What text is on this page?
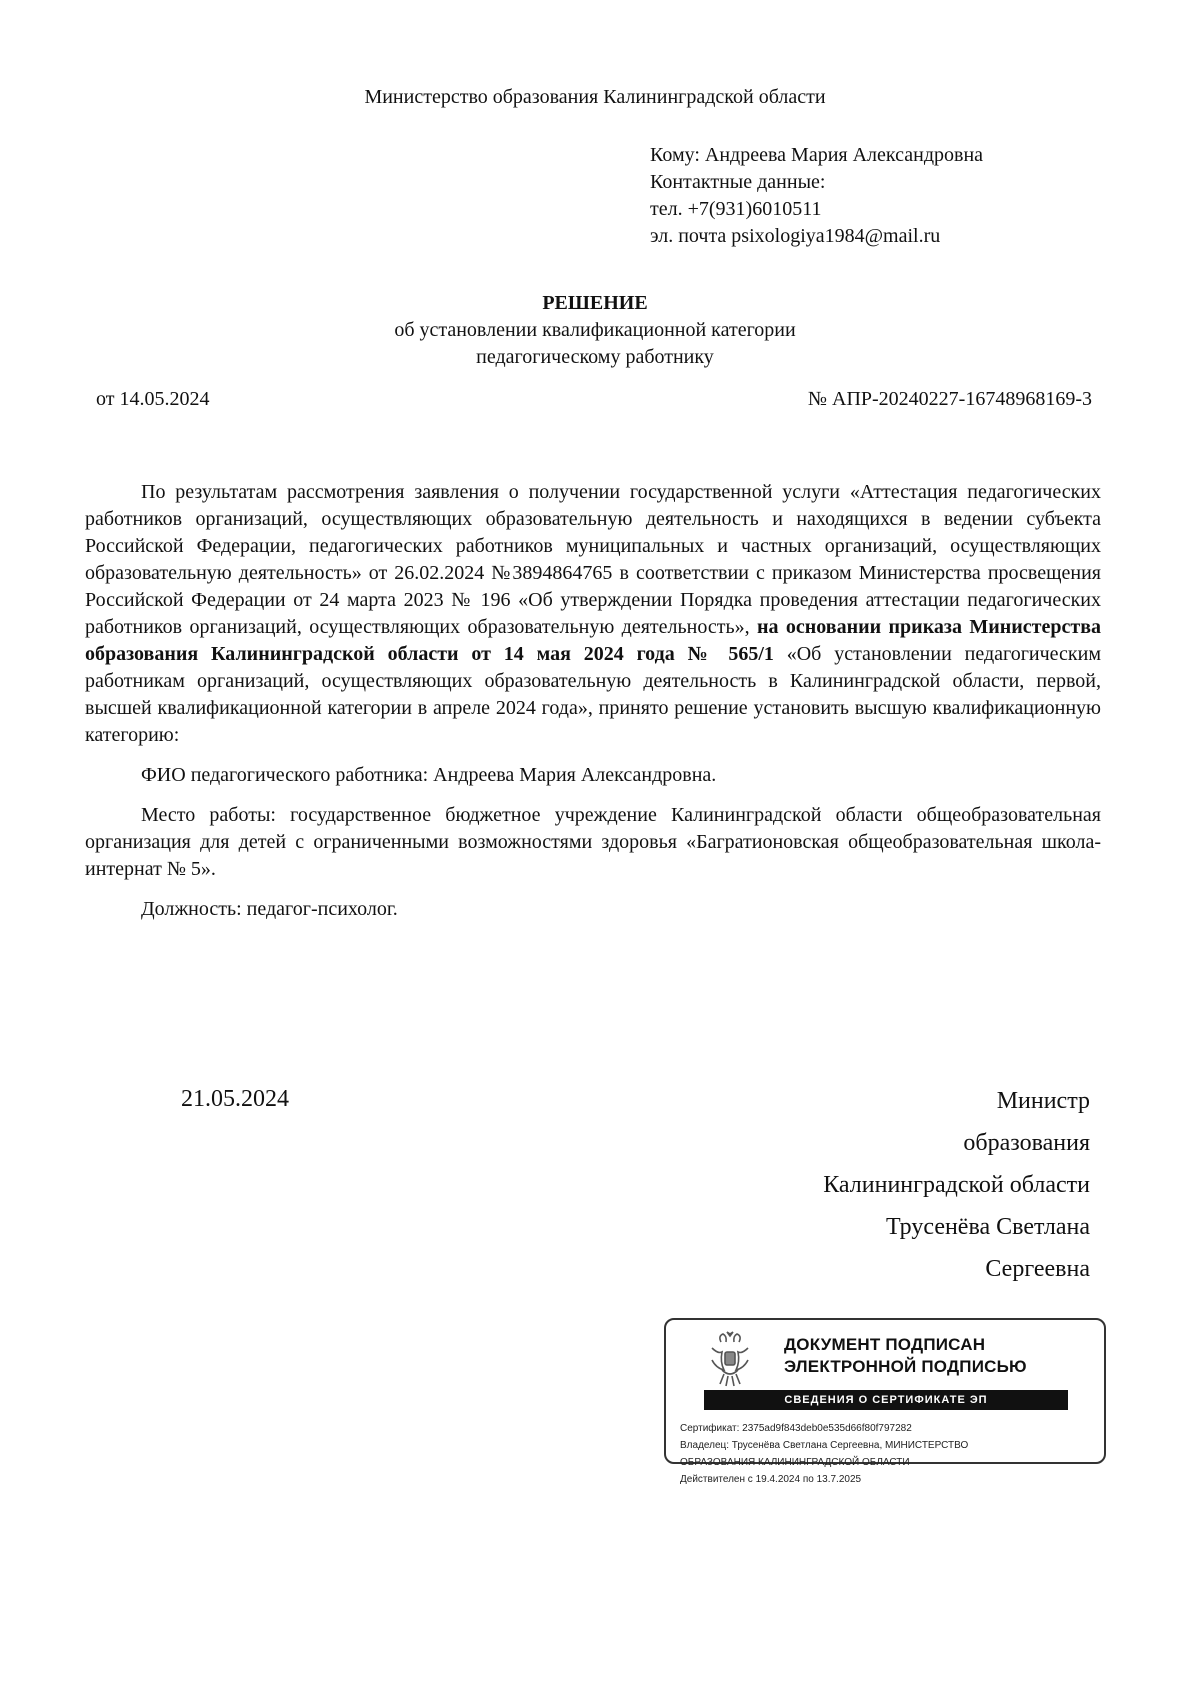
Министерство образования Калининградской области
Кому: Андреева Мария Александровна
Контактные данные:
тел. +7(931)6010511
эл. почта psixologiya1984@mail.ru
РЕШЕНИЕ
об установлении квалификационной категории
педагогическому работнику
от 14.05.2024	№ АПР-20240227-16748968169-3

По результатам рассмотрения заявления о получении государственной услуги «Аттестация педагогических работников организаций, осуществляющих образовательную деятельность и находящихся в ведении субъекта Российской Федерации, педагогических работников муниципальных и частных организаций, осуществляющих образовательную деятельность» от 26.02.2024 №3894864765 в соответствии с приказом Министерства просвещения Российской Федерации от 24 марта 2023 № 196 «Об утверждении Порядка проведения аттестации педагогических работников организаций, осуществляющих образовательную деятельность», на основании приказа Министерства образования Калининградской области от 14 мая 2024 года № 565/1 «Об установлении педагогическим работникам организаций, осуществляющих образовательную деятельность в Калининградской области, первой, высшей квалификационной категории в апреле 2024 года», принято решение установить высшую квалификационную категорию:

ФИО педагогического работника: Андреева Мария Александровна.

Место работы: государственное бюджетное учреждение Калининградской области общеобразовательная организация для детей с ограниченными возможностями здоровья «Багратионовская общеобразовательная школа-интернат № 5».

Должность: педагог-психолог.

21.05.2024	Министр
образования
Калининградской области
Трусенёва Светлана
Сергеевна
ДОКУМЕНТ ПОДПИСАН
ЭЛЕКТРОННОЙ ПОДПИСЬЮ
СВЕДЕНИЯ О СЕРТИФИКАТЕ ЭП
Сертификат: 2375ad9f843deb0e535d66f80f797282
Владелец: Трусенёва Светлана Сергеевна, МИНИСТЕРСТВО
ОБРАЗОВАНИЯ КАЛИНИНГРАДСКОЙ ОБЛАСТИ
Действителен с 19.4.2024 по 13.7.2025
